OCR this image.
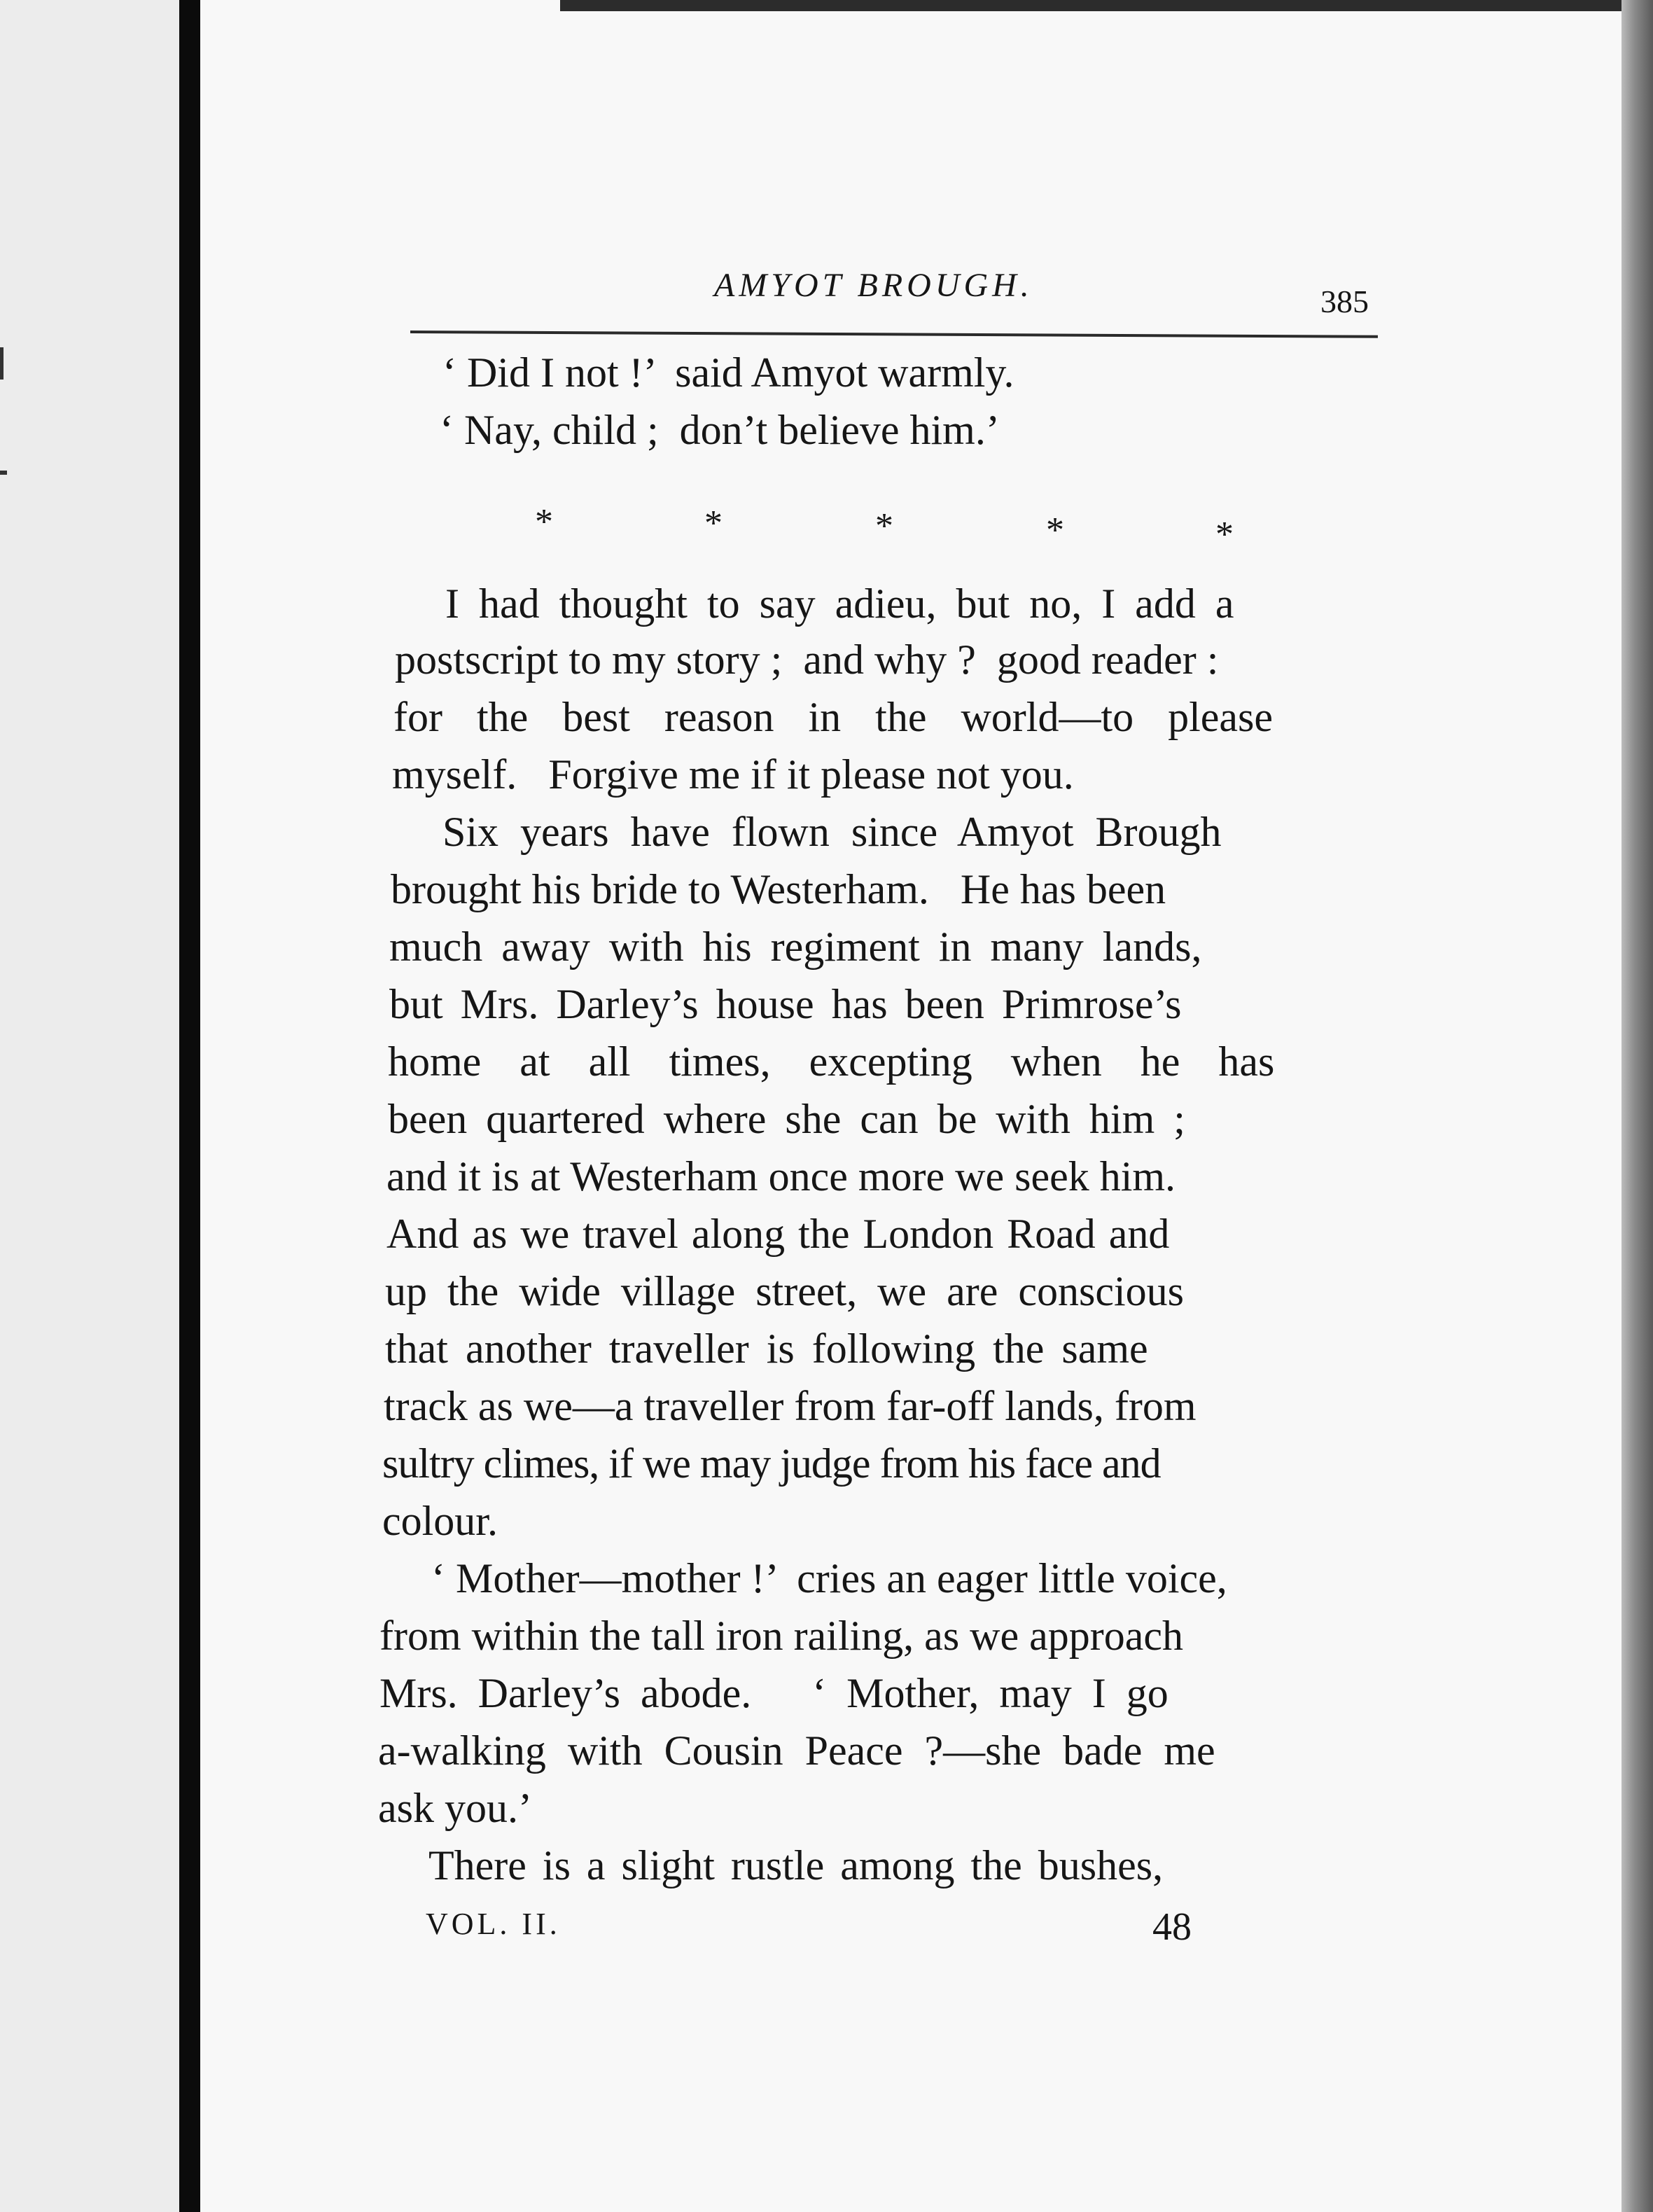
AMYOT BROUGH.	385
‘ Did I not !’  said Amyot warmly.
‘ Nay, child ;  don’t believe him.’
*	*	*	*	*
I had thought to say adieu, but no, I add a
postscript to my story ;  and why ?  good reader :
for the best reason in the world—to please
myself.   Forgive me if it please not you.
Six years have flown since Amyot Brough
brought his bride to Westerham.   He has been
much away with his regiment in many lands,
but Mrs. Darley’s house has been Primrose’s
home at all times, excepting when he has
been quartered where she can be with him ;
and it is at Westerham once more we seek him.
And as we travel along the London Road and
up the wide village street, we are conscious
that another traveller is following the same
track as we—a traveller from far-off lands, from
sultry climes, if we may judge from his face and
colour.
‘ Mother—mother !’  cries an eager little voice,
from within the tall iron railing, as we approach
Mrs. Darley’s abode.   ‘ Mother, may I go
a-walking with Cousin Peace ?—she bade me
ask you.’
There is a slight rustle among the bushes,
VOL. II.	48
